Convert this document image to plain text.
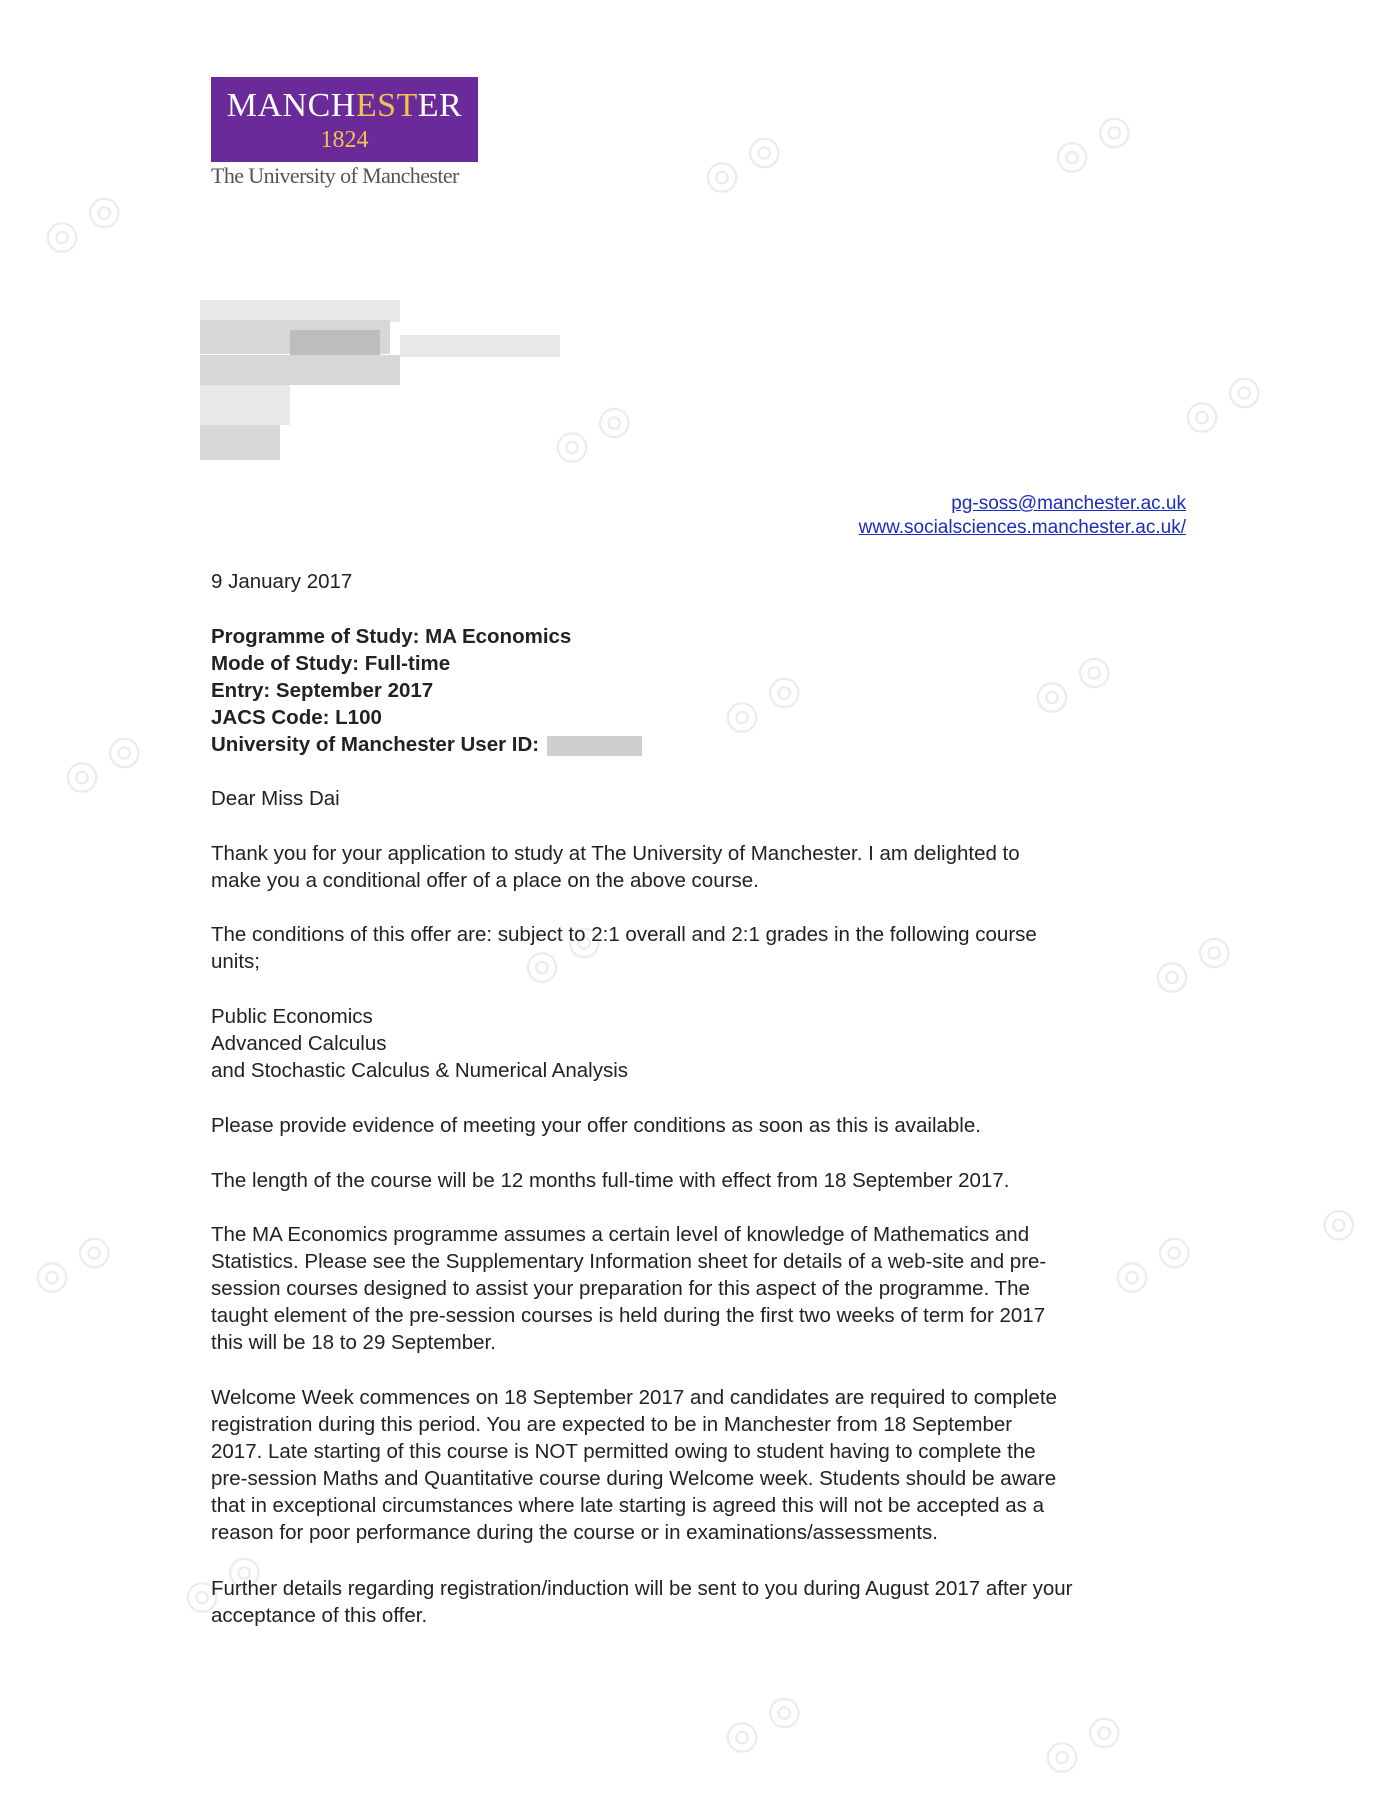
◎ ◎
◎ ◎	◎ ◎
◎ ◎	◎ ◎
◎ ◎
◎ ◎	◎ ◎
◎ ◎	◎ ◎
◎ ◎	◎ ◎	◎
◎ ◎
◎ ◎	◎ ◎
MANCHESTER
1824
The University of Manchester
pg-soss@manchester.ac.uk
www.socialsciences.manchester.ac.uk/
9 January 2017

Programme of Study: MA Economics

Mode of Study: Full-time

Entry: September 2017

JACS Code: L100

University of Manchester User ID:

Dear Miss Dai

Thank you for your application to study at The University of Manchester. I am delighted to

make you a conditional offer of a place on the above course.

The conditions of this offer are: subject to 2:1 overall and 2:1 grades in the following course

units;

Public Economics

Advanced Calculus

and Stochastic Calculus & Numerical Analysis

Please provide evidence of meeting your offer conditions as soon as this is available.
The length of the course will be 12 months full-time with effect from 18 September 2017.

The MA Economics programme assumes a certain level of knowledge of Mathematics and

Statistics. Please see the Supplementary Information sheet for details of a web-site and pre-

session courses designed to assist your preparation for this aspect of the programme. The

taught element of the pre-session courses is held during the first two weeks of term for 2017

this will be 18 to 29 September.

Welcome Week commences on 18 September 2017 and candidates are required to complete

registration during this period. You are expected to be in Manchester from 18 September

2017. Late starting of this course is NOT permitted owing to student having to complete the

pre-session Maths and Quantitative course during Welcome week. Students should be aware

that in exceptional circumstances where late starting is agreed this will not be accepted as a

reason for poor performance during the course or in examinations/assessments.

Further details regarding registration/induction will be sent to you during August 2017 after your

acceptance of this offer.
